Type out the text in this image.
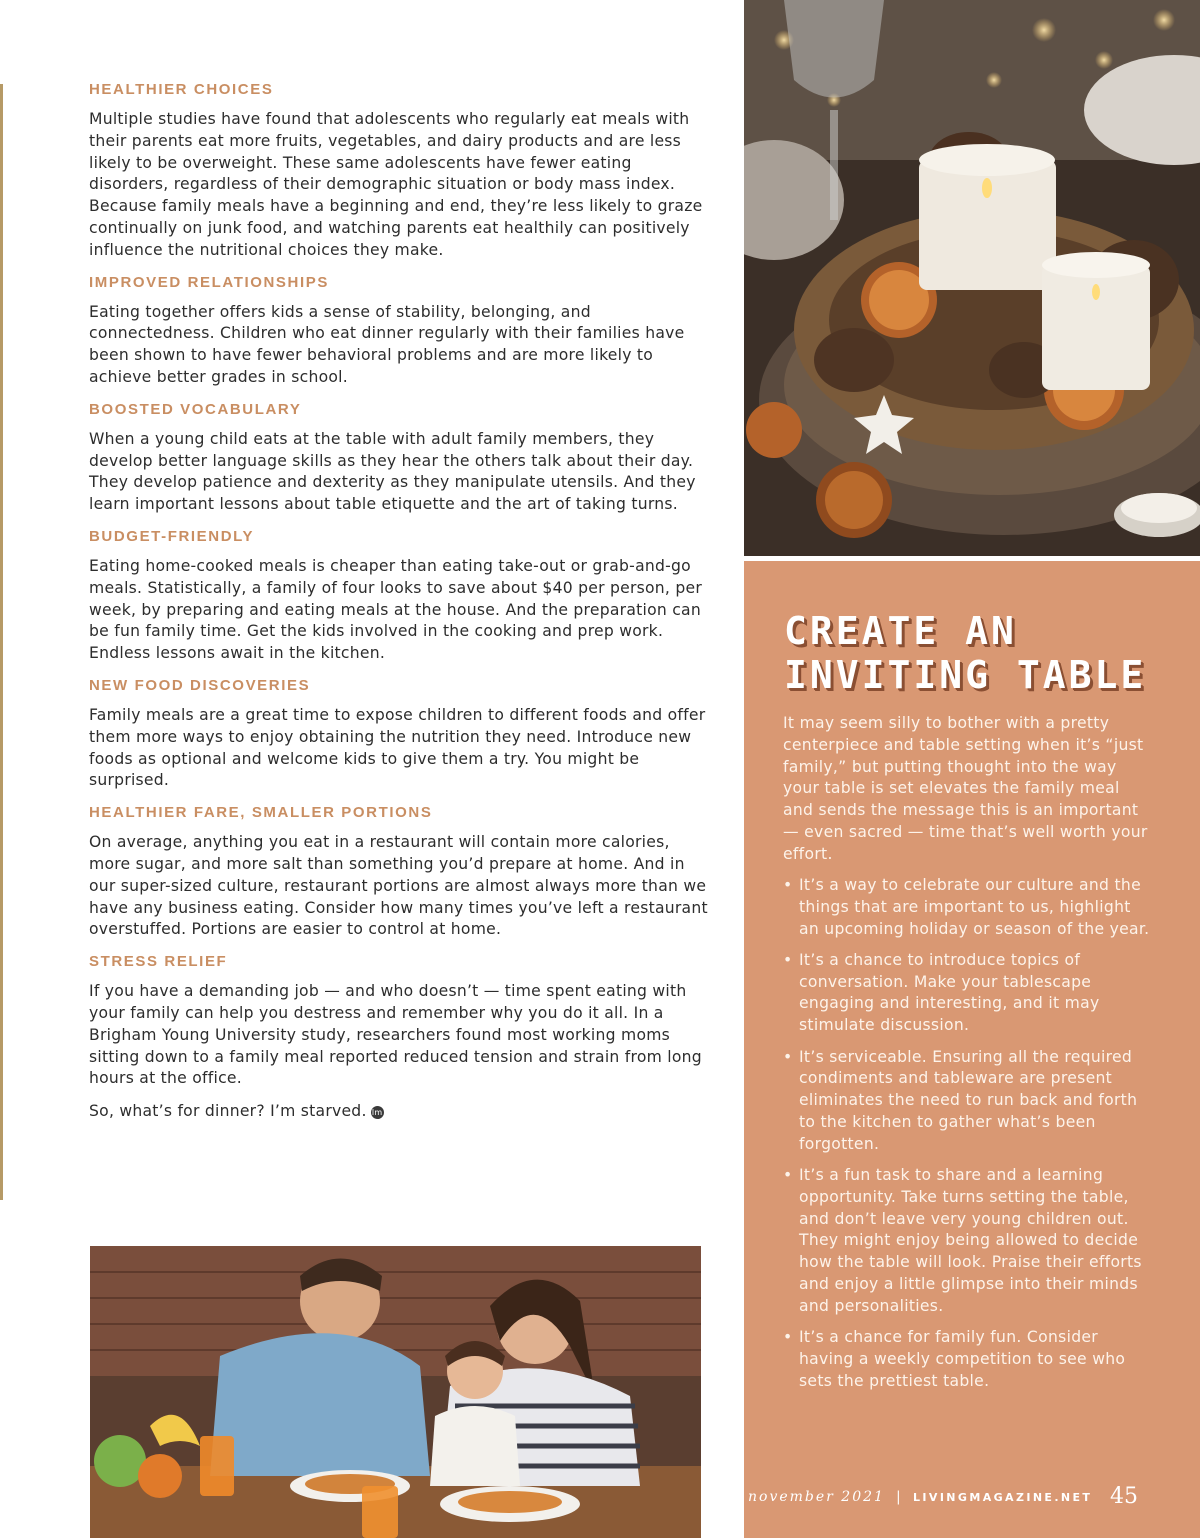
HEALTHIER CHOICES

Multiple studies have found that adolescents who regularly eat meals with their parents eat more fruits, vegetables, and dairy products and are less likely to be overweight. These same adolescents have fewer eating disorders, regardless of their demographic situation or body mass index. Because family meals have a beginning and end, they’re less likely to graze continually on junk food, and watching parents eat healthily can positively influence the nutritional choices they make.

IMPROVED RELATIONSHIPS

Eating together offers kids a sense of stability, belonging, and connectedness. Children who eat dinner regularly with their families have been shown to have fewer behavioral problems and are more likely to achieve better grades in school.

BOOSTED VOCABULARY

When a young child eats at the table with adult family members, they develop better language skills as they hear the others talk about their day. They develop patience and dexterity as they manipulate utensils. And they learn important lessons about table etiquette and the art of taking turns.

BUDGET-FRIENDLY

Eating home-cooked meals is cheaper than eating take-out or grab-and-go meals. Statistically, a family of four looks to save about $40 per person, per week, by preparing and eating meals at the house. And the preparation can be fun family time. Get the kids involved in the cooking and prep work. Endless lessons await in the kitchen.

NEW FOOD DISCOVERIES

Family meals are a great time to expose children to different foods and offer them more ways to enjoy obtaining the nutrition they need. Introduce new foods as optional and welcome kids to give them a try. You might be surprised.

HEALTHIER FARE, SMALLER PORTIONS

On average, anything you eat in a restaurant will contain more calories, more sugar, and more salt than something you’d prepare at home. And in our super-sized culture, restaurant portions are almost always more than we have any business eating. Consider how many times you’ve left a restaurant overstuffed. Portions are easier to control at home.

STRESS RELIEF

If you have a demanding job — and who doesn’t — time spent eating with your family can help you destress and remember why you do it all. In a Brigham Young University study, researchers found most working moms sitting down to a family meal reported reduced tension and strain from long hours at the office.

So, what’s for dinner? I’m starved. lm

CREATE AN
INVITING TABLE

It may seem silly to bother with a pretty centerpiece and table setting when it’s “just family,” but putting thought into the way your table is set elevates the family meal and sends the message this is an important — even sacred — time that’s well worth your effort.

• It’s a way to celebrate our culture and the things that are important to us, highlight an upcoming holiday or season of the year.
• It’s a chance to introduce topics of conversation. Make your tablescape engaging and interesting, and it may stimulate discussion.
• It’s serviceable. Ensuring all the required condiments and tableware are present eliminates the need to run back and forth to the kitchen to gather what’s been forgotten.
• It’s a fun task to share and a learning opportunity. Take turns setting the table, and don’t leave very young children out. They might enjoy being allowed to decide how the table will look. Praise their efforts and enjoy a little glimpse into their minds and personalities.
• It’s a chance for family fun. Consider having a weekly competition to see who sets the prettiest table.
november 2021 | LIVINGMAGAZINE.NET 45
